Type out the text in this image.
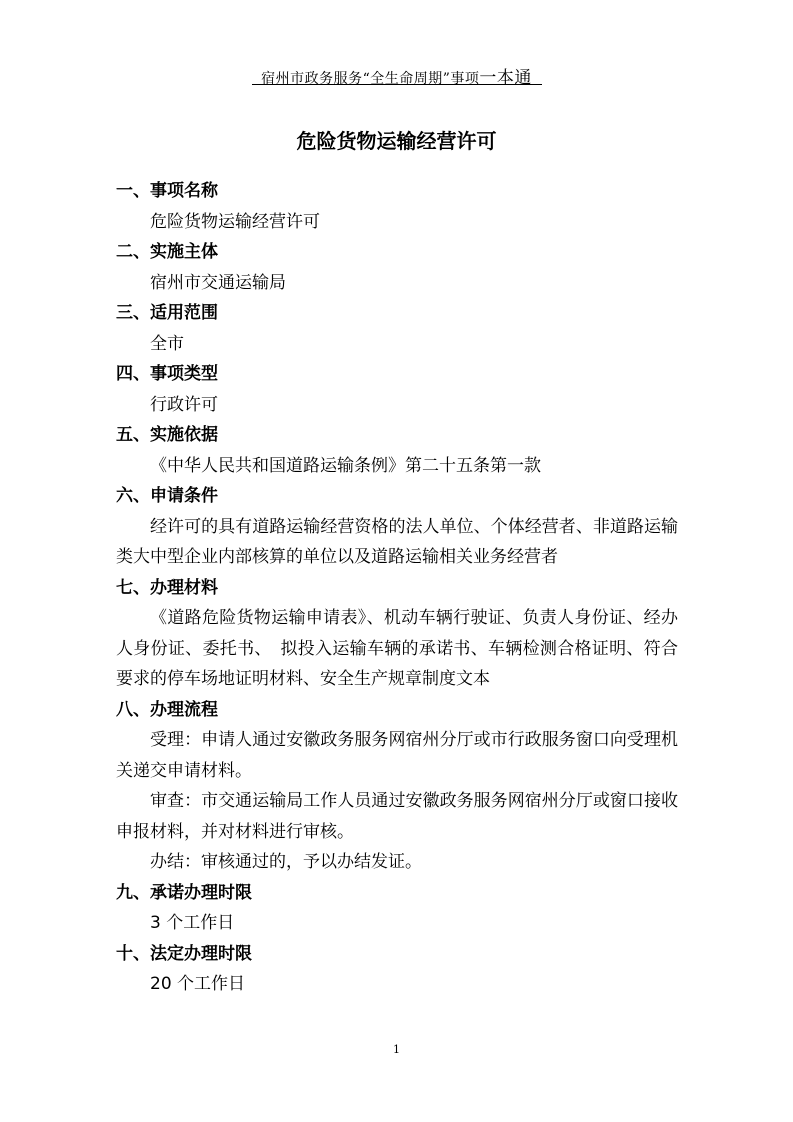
宿州市政务服务“全生命周期”事项一本通
危险货物运输经营许可
一、事项名称
危险货物运输经营许可
二、实施主体
宿州市交通运输局
三、适用范围
全市
四、事项类型
行政许可
五、实施依据
《中华人民共和国道路运输条例》第二十五条第一款
六、申请条件
经许可的具有道路运输经营资格的法人单位、个体经营者、非道路运输类大中型企业内部核算的单位以及道路运输相关业务经营者
七、办理材料
《道路危险货物运输申请表》、机动车辆行驶证、负责人身份证、经办人身份证、委托书、　拟投入运输车辆的承诺书、车辆检测合格证明、符合要求的停车场地证明材料、安全生产规章制度文本
八、办理流程
受理：申请人通过安徽政务服务网宿州分厅或市行政服务窗口向受理机关递交申请材料。
审查：市交通运输局工作人员通过安徽政务服务网宿州分厅或窗口接收申报材料，并对材料进行审核。
办结：审核通过的，予以办结发证。
九、承诺办理时限
3 个工作日
十、法定办理时限
20 个工作日
1
